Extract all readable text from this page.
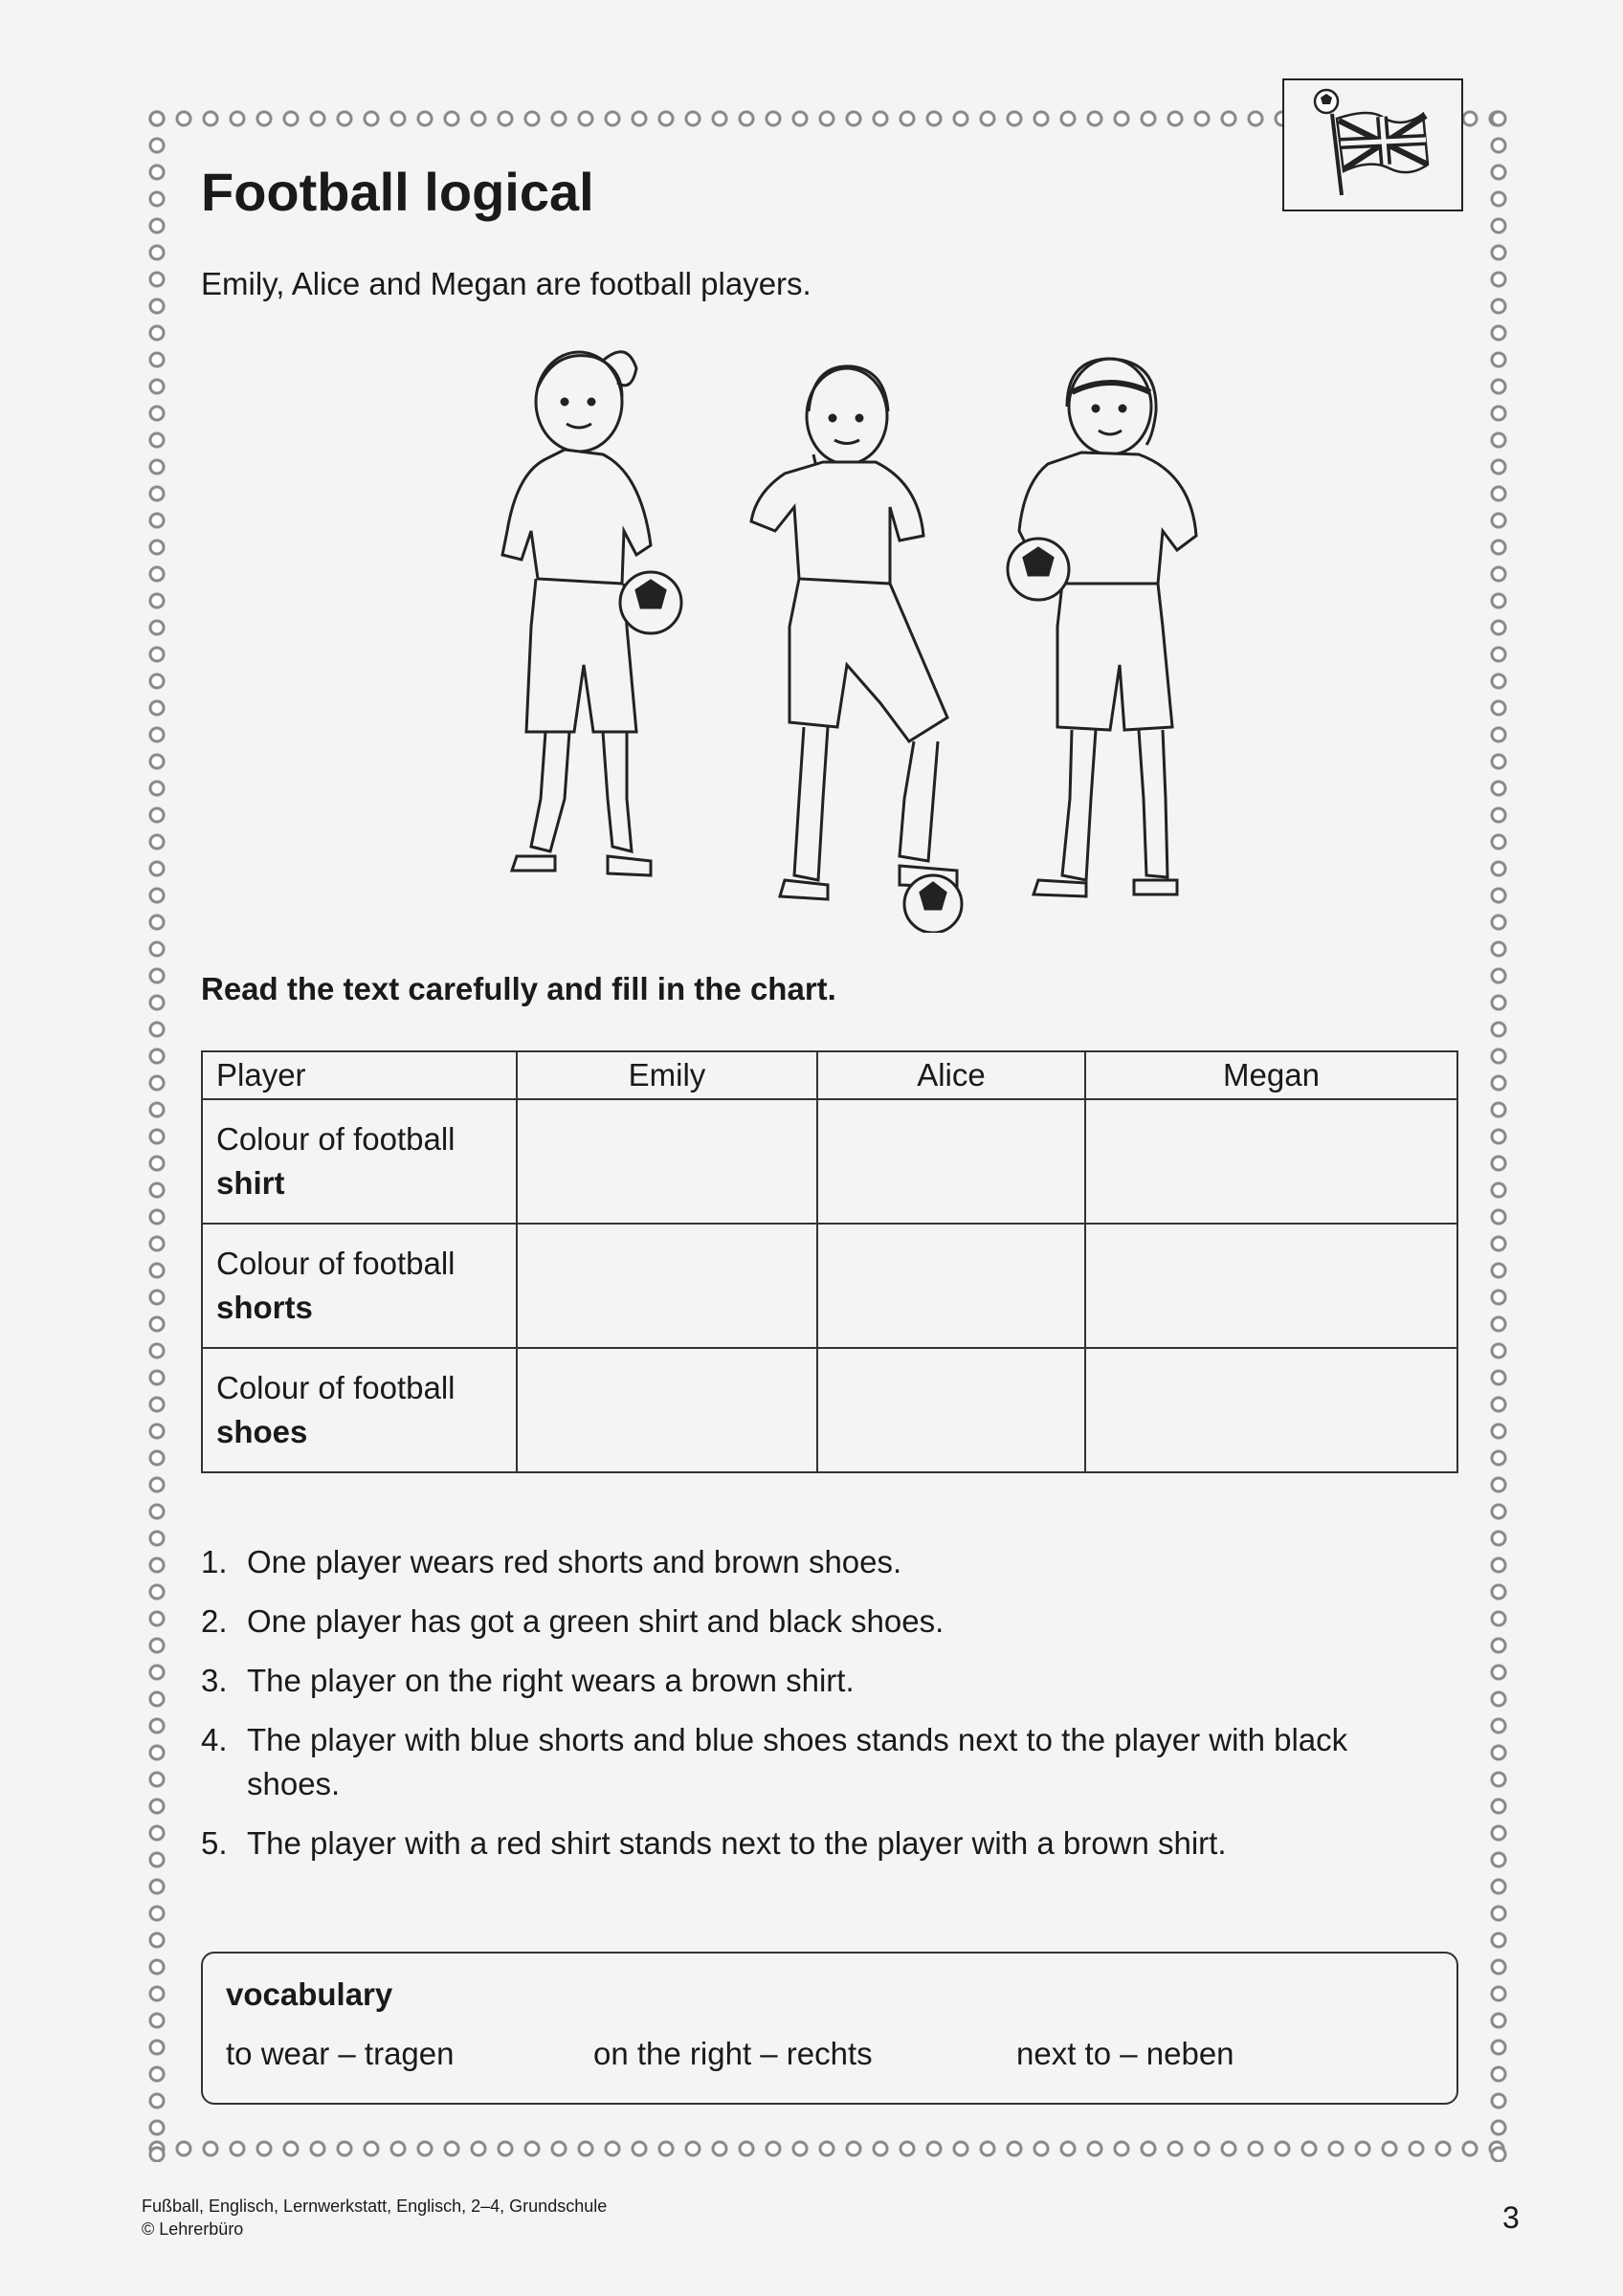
Football logical
Emily, Alice and Megan are football players.
Read the text carefully and fill in the chart.
Player	Emily	Alice	Megan
Colour of football
shirt			
Colour of football
shorts			
Colour of football
shoes			
1. One player wears red shorts and brown shoes.
2. One player has got a green shirt and black shoes.
3. The player on the right wears a brown shirt.
4. The player with blue shorts and blue shoes stands next to the player with black shoes.
5. The player with a red shirt stands next to the player with a brown shirt.
vocabulary
to wear – tragen	on the right – rechts	next to – neben
Fußball, Englisch, Lernwerkstatt, Englisch, 2–4, Grundschule
© Lehrerbüro	3
